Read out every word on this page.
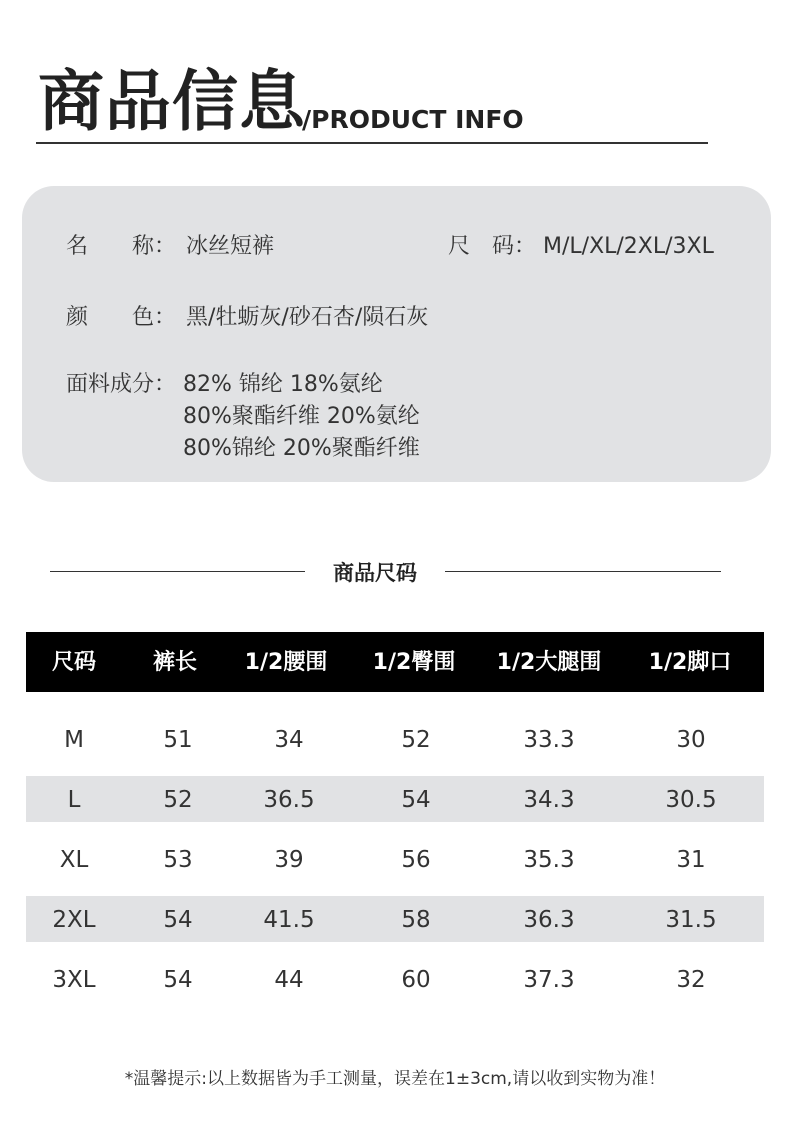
商品信息
/PRODUCT INFO
名　　称： 冰丝短裤	尺　码： M/L/XL/2XL/3XL
颜　　色： 黑/牡蛎灰/砂石杏/陨石灰
面料成分： 82% 锦纶 18%氨纶
80%聚酯纤维 20%氨纶
80%锦纶 20%聚酯纤维
商品尺码
尺码	裤长	1/2腰围	1/2臀围	1/2大腿围	1/2脚口
M	51	34	52	33.3	30
L	52	36.5	54	34.3	30.5
XL	53	39	56	35.3	31
2XL	54	41.5	58	36.3	31.5
3XL	54	44	60	37.3	32
*温馨提示:以上数据皆为手工测量，误差在1±3cm,请以收到实物为准！
